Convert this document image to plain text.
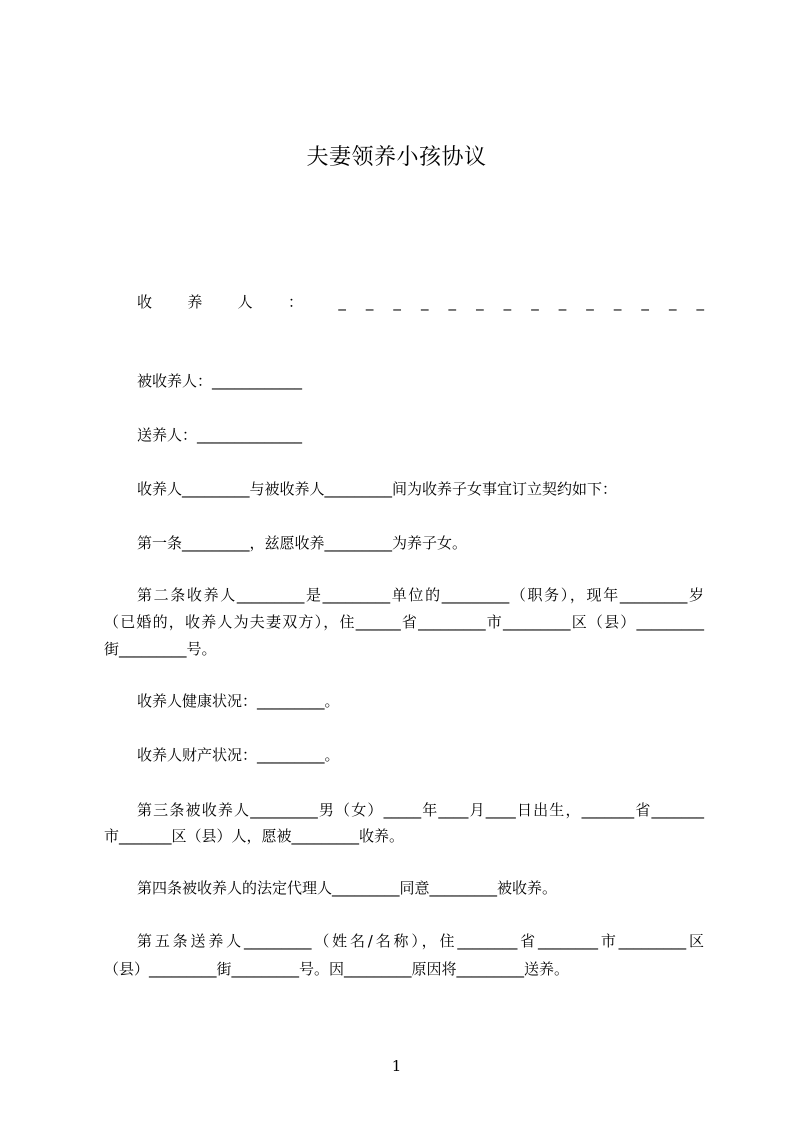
夫妻领养小孩协议
收 养 人 ： _ _ _ _ _ _ _ _ _ _ _ _ _ _
被收养人：____________
送养人：______________
收养人_________与被收养人_________间为收养子女事宜订立契约如下：
第一条_________，兹愿收养_________为养子女。
第二条收养人_________是_________单位的_________（职务），现年_________岁
（已婚的，收养人为夫妻双方），住______省_________市_________区（县）_________
街_________号。
收养人健康状况：_________。
收养人财产状况：_________。
第三条被收养人_________男（女）_____年____月____日出生，_______省_______
市_______区（县）人，愿被_________收养。
第四条被收养人的法定代理人_________同意_________被收养。
第五条送养人_________（姓名/名称），住________省________市_________区
（县）_________街_________号。因_________原因将_________送养。
1
